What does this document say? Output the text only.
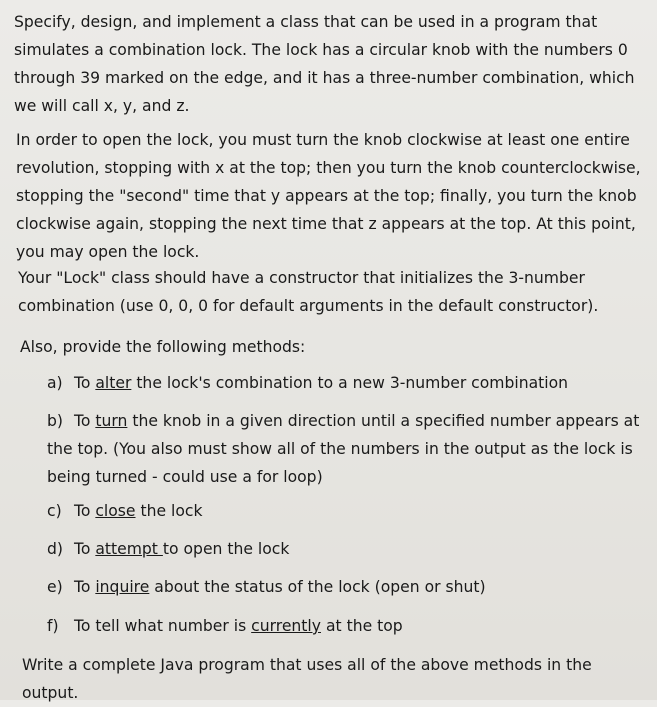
Specify, design, and implement a class that can be used in a program that simulates a combination lock. The lock has a circular knob with the numbers 0 through 39 marked on the edge, and it has a three-number combination, which we will call x, y, and z.

In order to open the lock, you must turn the knob clockwise at least one entire revolution, stopping with x at the top; then you turn the knob counterclockwise, stopping the "second" time that y appears at the top; finally, you turn the knob clockwise again, stopping the next time that z appears at the top. At this point, you may open the lock.

Your "Lock" class should have a constructor that initializes the 3-number combination (use 0, 0, 0 for default arguments in the default constructor).

Also, provide the following methods:

a) To alter the lock's combination to a new 3-number combination

b) To turn the knob in a given direction until a specified number appears at the top. (You also must show all of the numbers in the output as the lock is being turned - could use a for loop)

c) To close the lock

d) To attempt to open the lock

e) To inquire about the status of the lock (open or shut)

f) To tell what number is currently at the top

Write a complete Java program that uses all of the above methods in the output.
